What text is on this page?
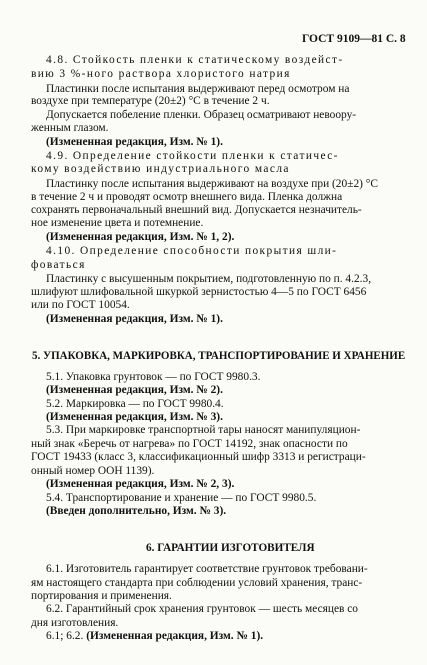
ГОСТ 9109—81 С. 8
4.8. Стойкость пленки к статическому воздейст-
вию 3 %-ного раствора хлористого натрия
Пластинки после испытания выдерживают перед осмотром на
воздухе при температуре (20±2) °С в течение 2 ч.
Допускается побеление пленки. Образец осматривают невоору-
женным глазом.
(Измененная редакция, Изм. № 1).
4.9. Определение стойкости пленки к статичес-
кому воздействию индустриального масла
Пластинку после испытания выдерживают на воздухе при (20±2) °С
в течение 2 ч и проводят осмотр внешнего вида. Пленка должна
сохранять первоначальный внешний вид. Допускается незначитель-
ное изменение цвета и потемнение.
(Измененная редакция, Изм. № 1, 2).
4.10. Определение способности покрытия шли-
фоваться
Пластинку с высушенным покрытием, подготовленную по п. 4.2.3,
шлифуют шлифовальной шкуркой зернистостью 4—5 по ГОСТ 6456
или по ГОСТ 10054.
(Измененная редакция, Изм. № 1).
5. УПАКОВКА, МАРКИРОВКА, ТРАНСПОРТИРОВАНИЕ И ХРАНЕНИЕ
5.1. Упаковка грунтовок — по ГОСТ 9980.3.
(Измененная редакция, Изм. № 2).
5.2. Маркировка — по ГОСТ 9980.4.
(Измененная редакция, Изм. № 3).
5.3. При маркировке транспортной тары наносят манипуляцион-
ный знак «Беречь от нагрева» по ГОСТ 14192, знак опасности по
ГОСТ 19433 (класс 3, классификационный шифр 3313 и регистраци-
онный номер ООН 1139).
(Измененная редакция, Изм. № 2, 3).
5.4. Транспортирование и хранение — по ГОСТ 9980.5.
(Введен дополнительно, Изм. № 3).
6. ГАРАНТИИ ИЗГОТОВИТЕЛЯ
6.1. Изготовитель гарантирует соответствие грунтовок требовани-
ям настоящего стандарта при соблюдении условий хранения, транс-
портирования и применения.
6.2. Гарантийный срок хранения грунтовок — шесть месяцев со
дня изготовления.
6.1; 6.2. (Измененная редакция, Изм. № 1).
